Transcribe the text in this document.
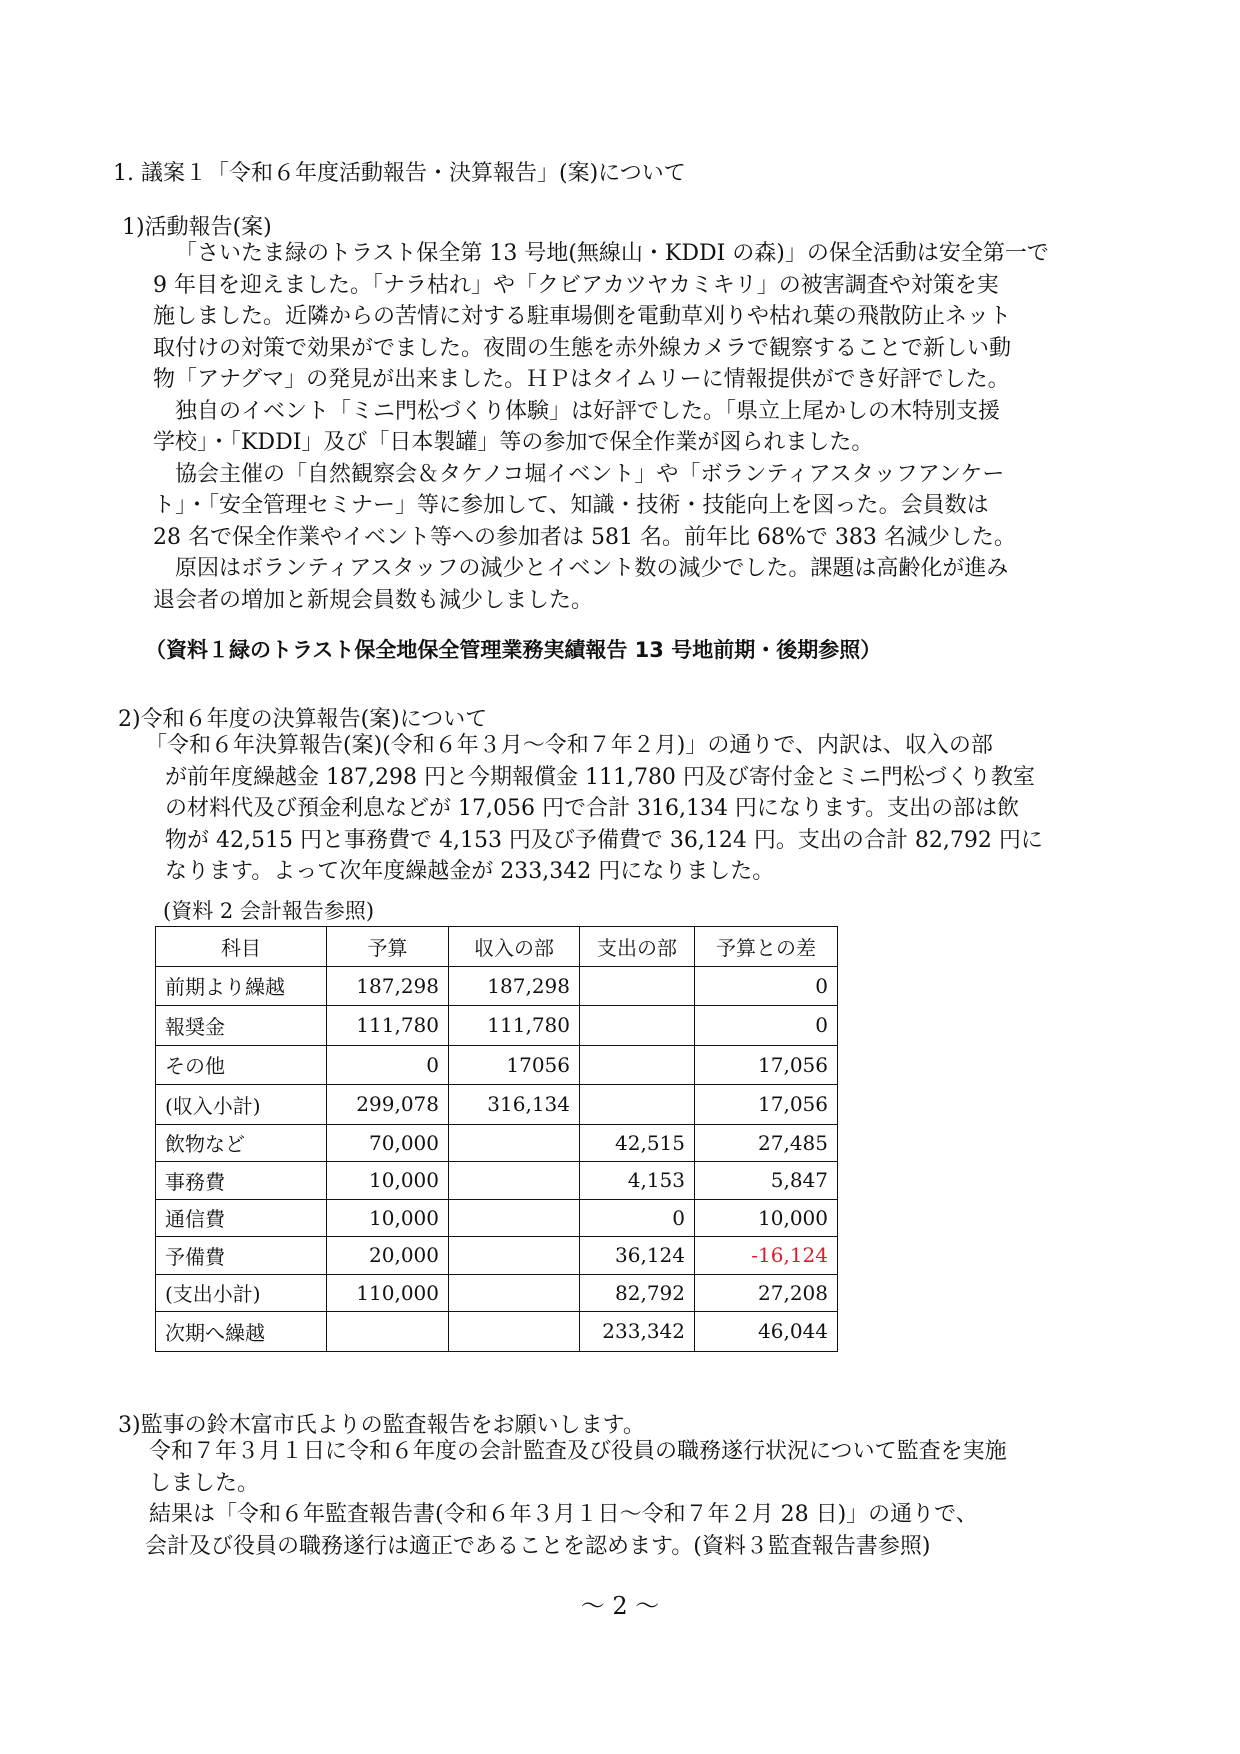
1. 議案１「令和６年度活動報告・決算報告」(案)について
1)活動報告(案)
「さいたま緑のトラスト保全第 13 号地(無線山・KDDI の森)」の保全活動は安全第一で
9 年目を迎えました。「ナラ枯れ」や「クビアカツヤカミキリ」の被害調査や対策を実
施しました。近隣からの苦情に対する駐車場側を電動草刈りや枯れ葉の飛散防止ネット
取付けの対策で効果がでました。夜間の生態を赤外線カメラで観察することで新しい動
物「アナグマ」の発見が出来ました。ＨＰはタイムリーに情報提供ができ好評でした。
独自のイベント「ミニ門松づくり体験」は好評でした。「県立上尾かしの木特別支援
学校」・「KDDI」及び「日本製罐」等の参加で保全作業が図られました。
協会主催の「自然観察会＆タケノコ堀イベント」や「ボランティアスタッフアンケー
ト」・「安全管理セミナー」等に参加して、知識・技術・技能向上を図った。会員数は
28 名で保全作業やイベント等への参加者は 581 名。前年比 68%で 383 名減少した。
原因はボランティアスタッフの減少とイベント数の減少でした。課題は高齢化が進み
退会者の増加と新規会員数も減少しました。
（資料１緑のトラスト保全地保全管理業務実績報告 13 号地前期・後期参照）
2)令和６年度の決算報告(案)について
「令和６年決算報告(案)(令和６年３月～令和７年２月)」の通りで、内訳は、収入の部
が前年度繰越金 187,298 円と今期報償金 111,780 円及び寄付金とミニ門松づくり教室
の材料代及び預金利息などが 17,056 円で合計 316,134 円になります。支出の部は飲
物が 42,515 円と事務費で 4,153 円及び予備費で 36,124 円。支出の合計 82,792 円に
なります。よって次年度繰越金が 233,342 円になりました。
(資料 2 会計報告参照)
科目	予算	収入の部	支出の部	予算との差
前期より繰越	187,298	187,298		0
報奨金	111,780	111,780		0
その他	0	17056		17,056
(収入小計)	299,078	316,134		17,056
飲物など	70,000		42,515	27,485
事務費	10,000		4,153	5,847
通信費	10,000		0	10,000
予備費	20,000		36,124	-16,124
(支出小計)	110,000		82,792	27,208
次期へ繰越			233,342	46,044
3)監事の鈴木富市氏よりの監査報告をお願いします。
令和７年３月１日に令和６年度の会計監査及び役員の職務遂行状況について監査を実施
しました。
結果は「令和６年監査報告書(令和６年３月１日～令和７年２月 28 日)」の通りで、
会計及び役員の職務遂行は適正であることを認めます。(資料３監査報告書参照)
～ 2 ～
